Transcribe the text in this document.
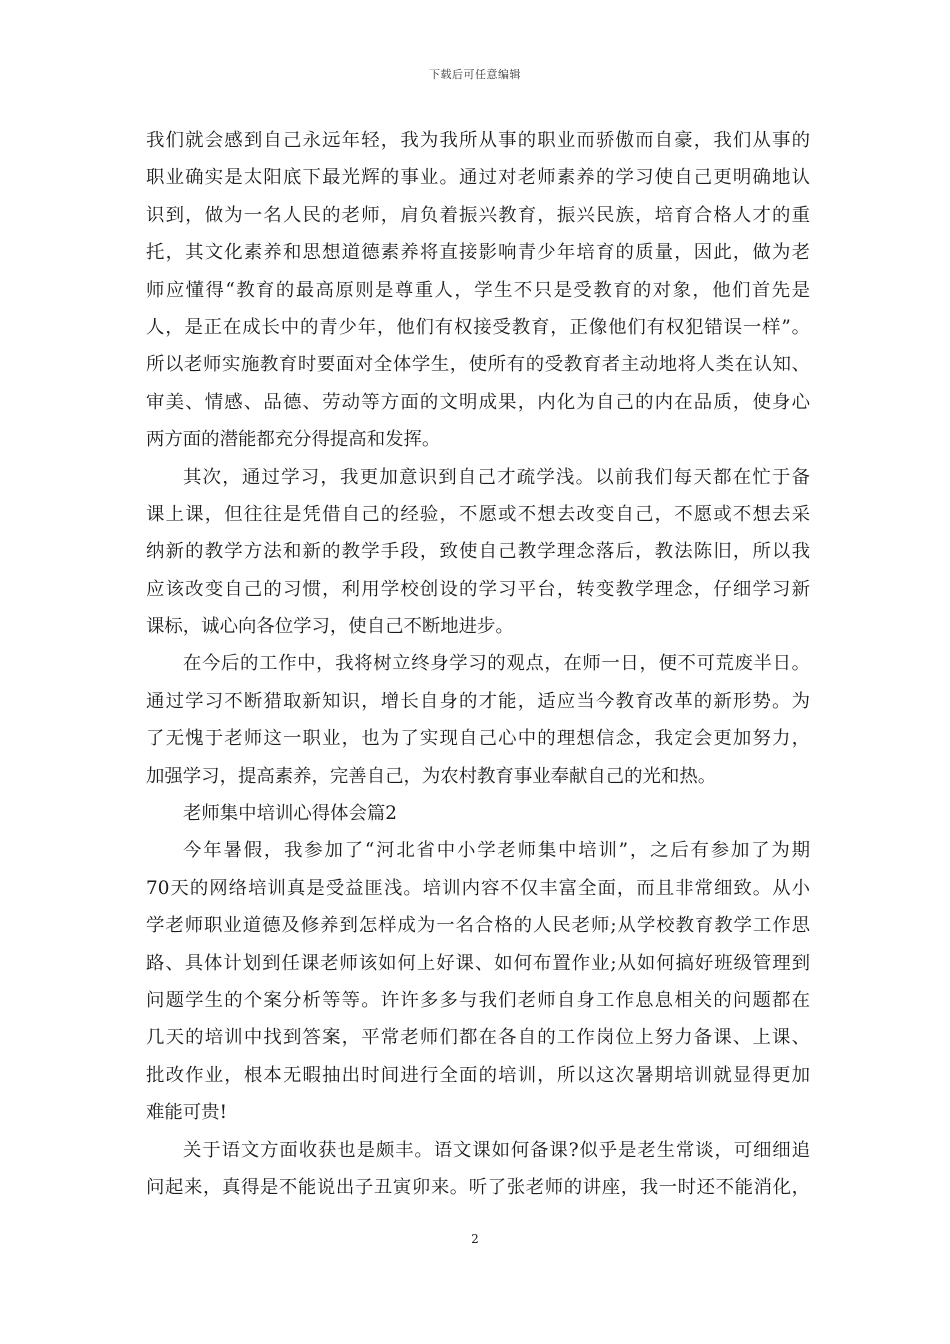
下载后可任意编辑
我们就会感到自己永远年轻，我为我所从事的职业而骄傲而自豪，我们从事的
职业确实是太阳底下最光辉的事业。通过对老师素养的学习使自己更明确地认
识到，做为一名人民的老师，肩负着振兴教育，振兴民族，培育合格人才的重
托，其文化素养和思想道德素养将直接影响青少年培育的质量，因此，做为老
师应懂得“教育的最高原则是尊重人，学生不只是受教育的对象，他们首先是
人，是正在成长中的青少年，他们有权接受教育，正像他们有权犯错误一样”。
所以老师实施教育时要面对全体学生，使所有的受教育者主动地将人类在认知、
审美、情感、品德、劳动等方面的文明成果，内化为自己的内在品质，使身心
两方面的潜能都充分得提高和发挥。
其次，通过学习，我更加意识到自己才疏学浅。以前我们每天都在忙于备
课上课，但往往是凭借自己的经验，不愿或不想去改变自己，不愿或不想去采
纳新的教学方法和新的教学手段，致使自己教学理念落后，教法陈旧，所以我
应该改变自己的习惯，利用学校创设的学习平台，转变教学理念，仔细学习新
课标，诚心向各位学习，使自己不断地进步。
在今后的工作中，我将树立终身学习的观点，在师一日，便不可荒废半日。
通过学习不断猎取新知识，增长自身的才能，适应当今教育改革的新形势。为
了无愧于老师这一职业，也为了实现自己心中的理想信念，我定会更加努力，
加强学习，提高素养，完善自己，为农村教育事业奉献自己的光和热。
老师集中培训心得体会篇2
今年暑假，我参加了“河北省中小学老师集中培训”，之后有参加了为期
70天的网络培训真是受益匪浅。培训内容不仅丰富全面，而且非常细致。从小
学老师职业道德及修养到怎样成为一名合格的人民老师;从学校教育教学工作思
路、具体计划到任课老师该如何上好课、如何布置作业;从如何搞好班级管理到
问题学生的个案分析等等。许许多多与我们老师自身工作息息相关的问题都在
几天的培训中找到答案，平常老师们都在各自的工作岗位上努力备课、上课、
批改作业，根本无暇抽出时间进行全面的培训，所以这次暑期培训就显得更加
难能可贵!
关于语文方面收获也是颇丰。语文课如何备课?似乎是老生常谈，可细细追
问起来，真得是不能说出子丑寅卯来。听了张老师的讲座，我一时还不能消化，
2
